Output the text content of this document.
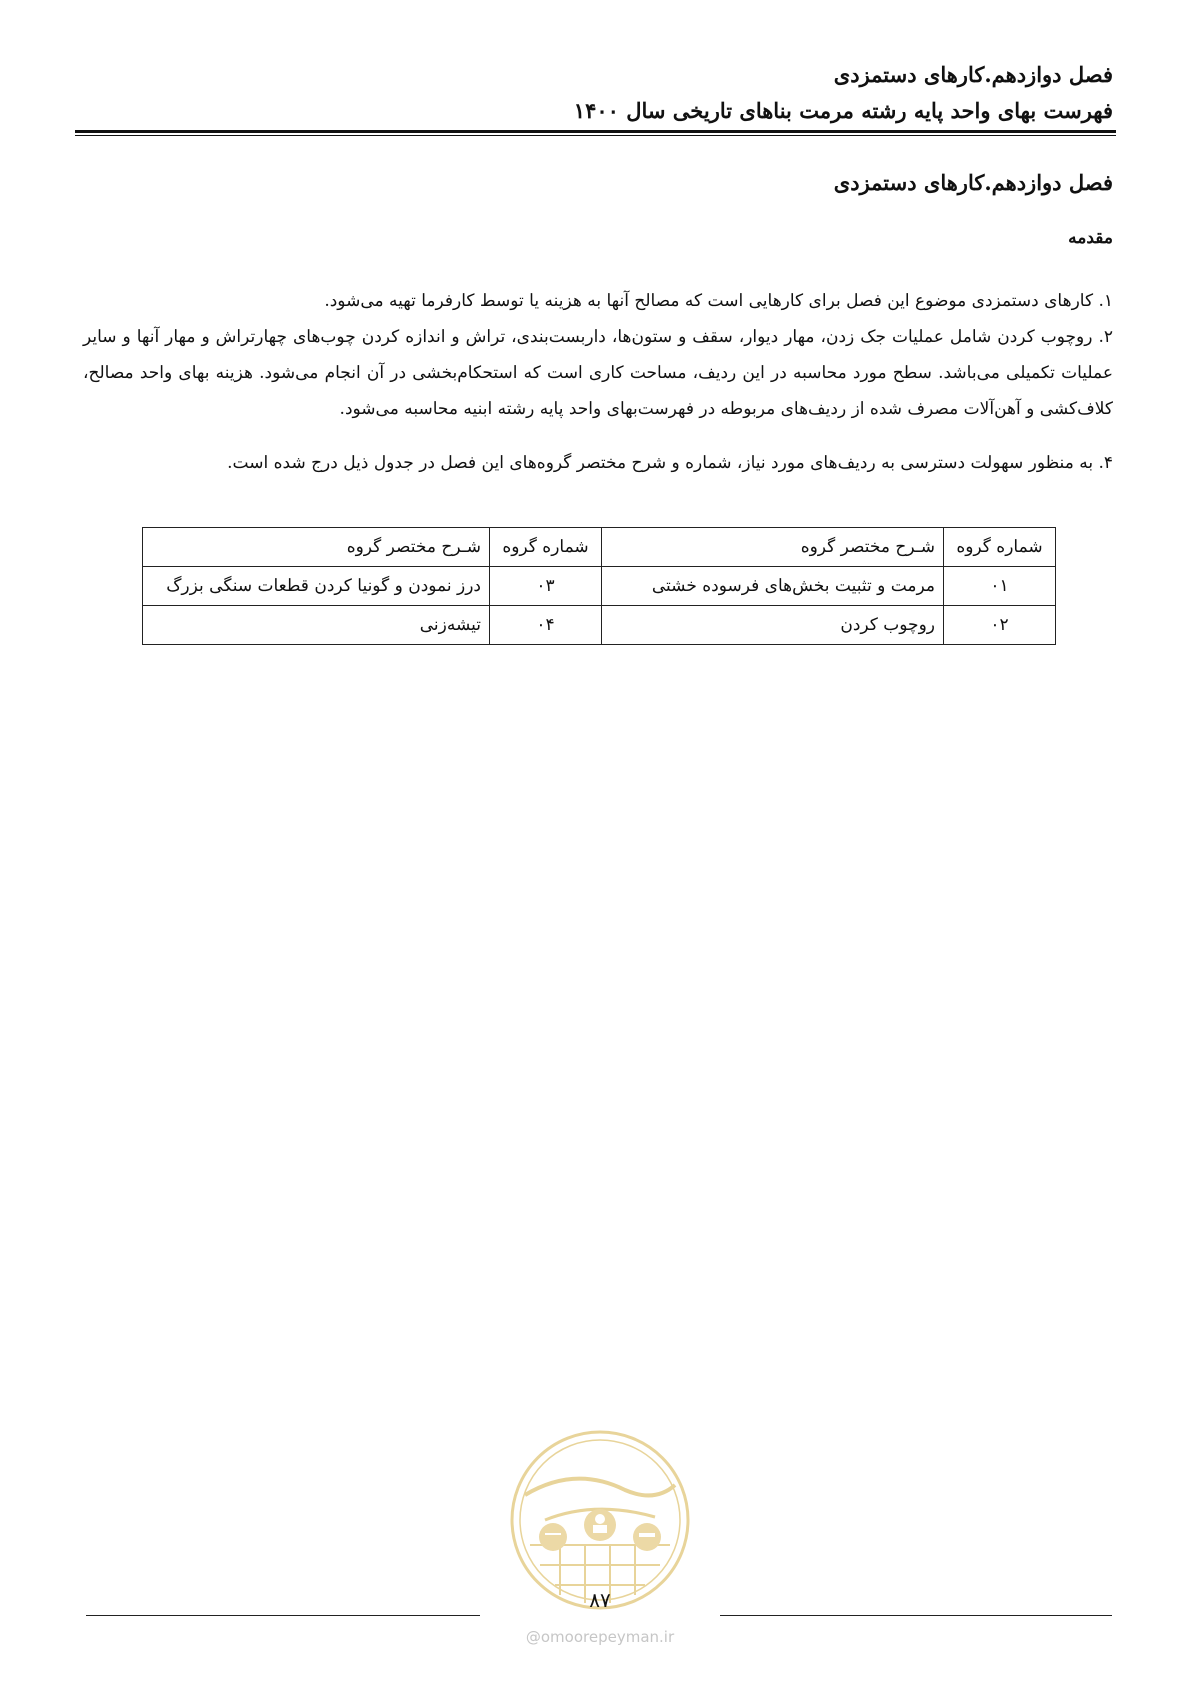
فصل دوازدهم.کارهای دستمزدی
فهرست بهای واحد پایه رشته مرمت بناهای تاریخی سال ۱۴۰۰
فصل دوازدهم.کارهای دستمزدی
مقدمه
۱. کارهای دستمزدی موضوع این فصل برای کارهایی است که مصالح آنها به هزینه یا توسط کارفرما تهیه می‌شود.
۲. روچوب کردن شامل عملیات جک زدن، مهار دیوار، سقف و ستون‌ها، داربست‌بندی، تراش و اندازه کردن چوب‌های چهارتراش و مهار آنها و سایر عملیات تکمیلی می‌باشد. سطح مورد محاسبه در این ردیف، مساحت کاری است که استحکام‌بخشی در آن انجام می‌شود. هزینه بهای واحد مصالح، کلاف‌کشی و آهن‌آلات مصرف شده از ردیف‌های مربوطه در فهرست‌بهای واحد پایه رشته ابنیه محاسبه می‌شود.
۴. به منظور سهولت دسترسی به ردیف‌های مورد نیاز، شماره و شرح مختصر گروه‌های این فصل در جدول ذیل درج شده است.
شماره گروه	شـرح مختصر گروه	شماره گروه	شـرح مختصر گروه
۰۱	مرمت و تثبیت بخش‌های فرسوده خشتی	۰۳	درز نمودن و گونیا کردن قطعات سنگی بزرگ
۰۲	روچوب کردن	۰۴	تیشه‌زنی
۸۷
@omoorepeyman.ir
